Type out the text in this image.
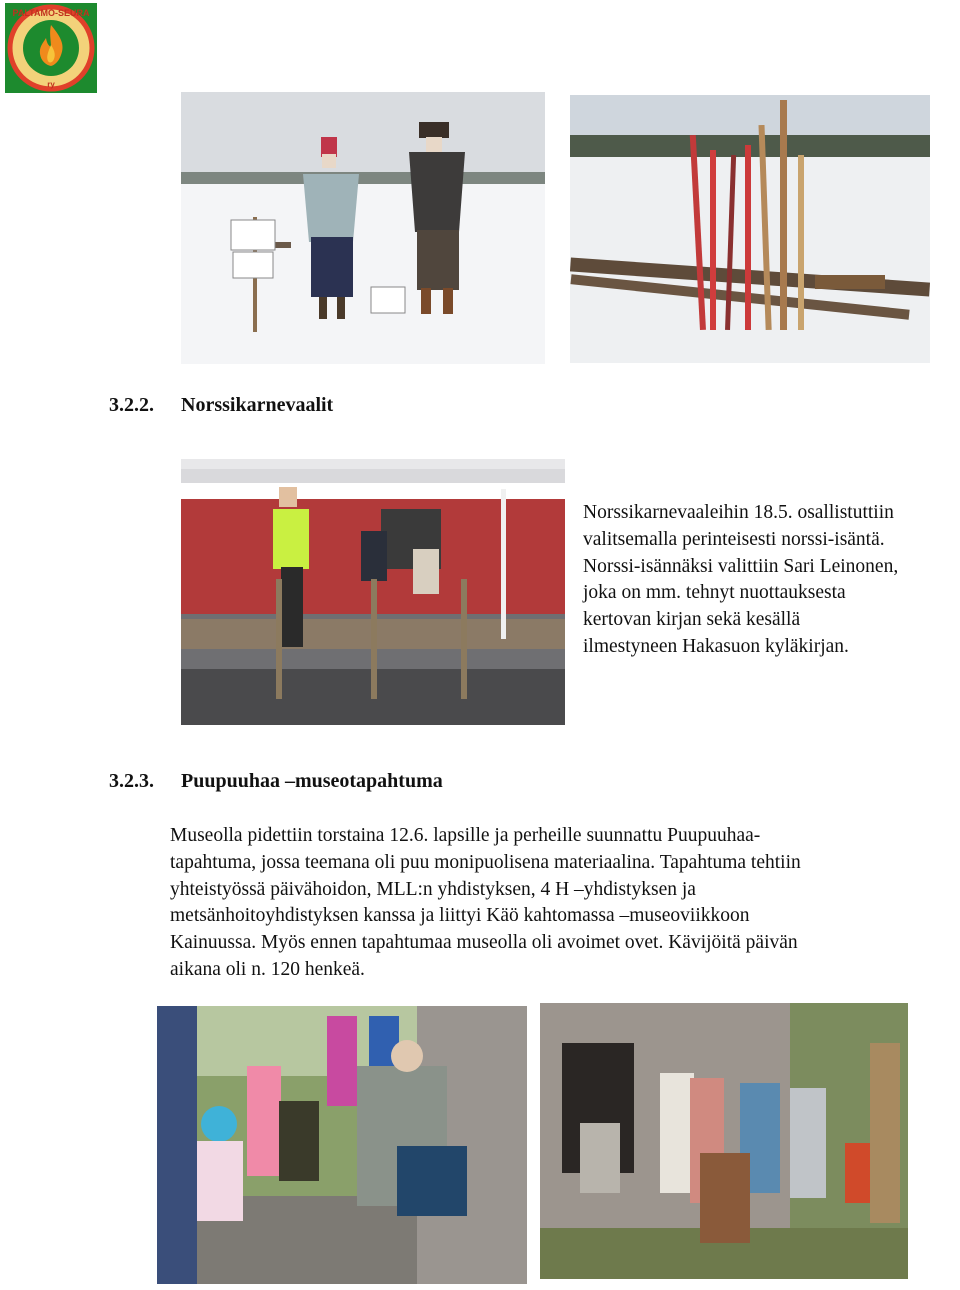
PALTAMO-SEURA
ry
3.2.2. Norssikarnevaalit
Norssikarnevaaleihin 18.5. osallistuttiin
valitsemalla perinteisesti norssi-isäntä.
Norssi-isännäksi valittiin Sari Leinonen,
joka on mm. tehnyt nuottauksesta
kertovan kirjan sekä kesällä
ilmestyneen Hakasuon kyläkirjan.
3.2.3. Puupuuhaa –museotapahtuma
Museolla pidettiin torstaina 12.6. lapsille ja perheille suunnattu Puupuuhaa-
tapahtuma, jossa teemana oli puu monipuolisena materiaalina. Tapahtuma tehtiin
yhteistyössä päivähoidon, MLL:n yhdistyksen, 4 H –yhdistyksen ja
metsänhoitoyhdistyksen kanssa ja liittyi Käö kahtomassa –museoviikkoon
Kainuussa. Myös ennen tapahtumaa museolla oli avoimet ovet. Kävijöitä päivän
aikana oli n. 120 henkeä.
